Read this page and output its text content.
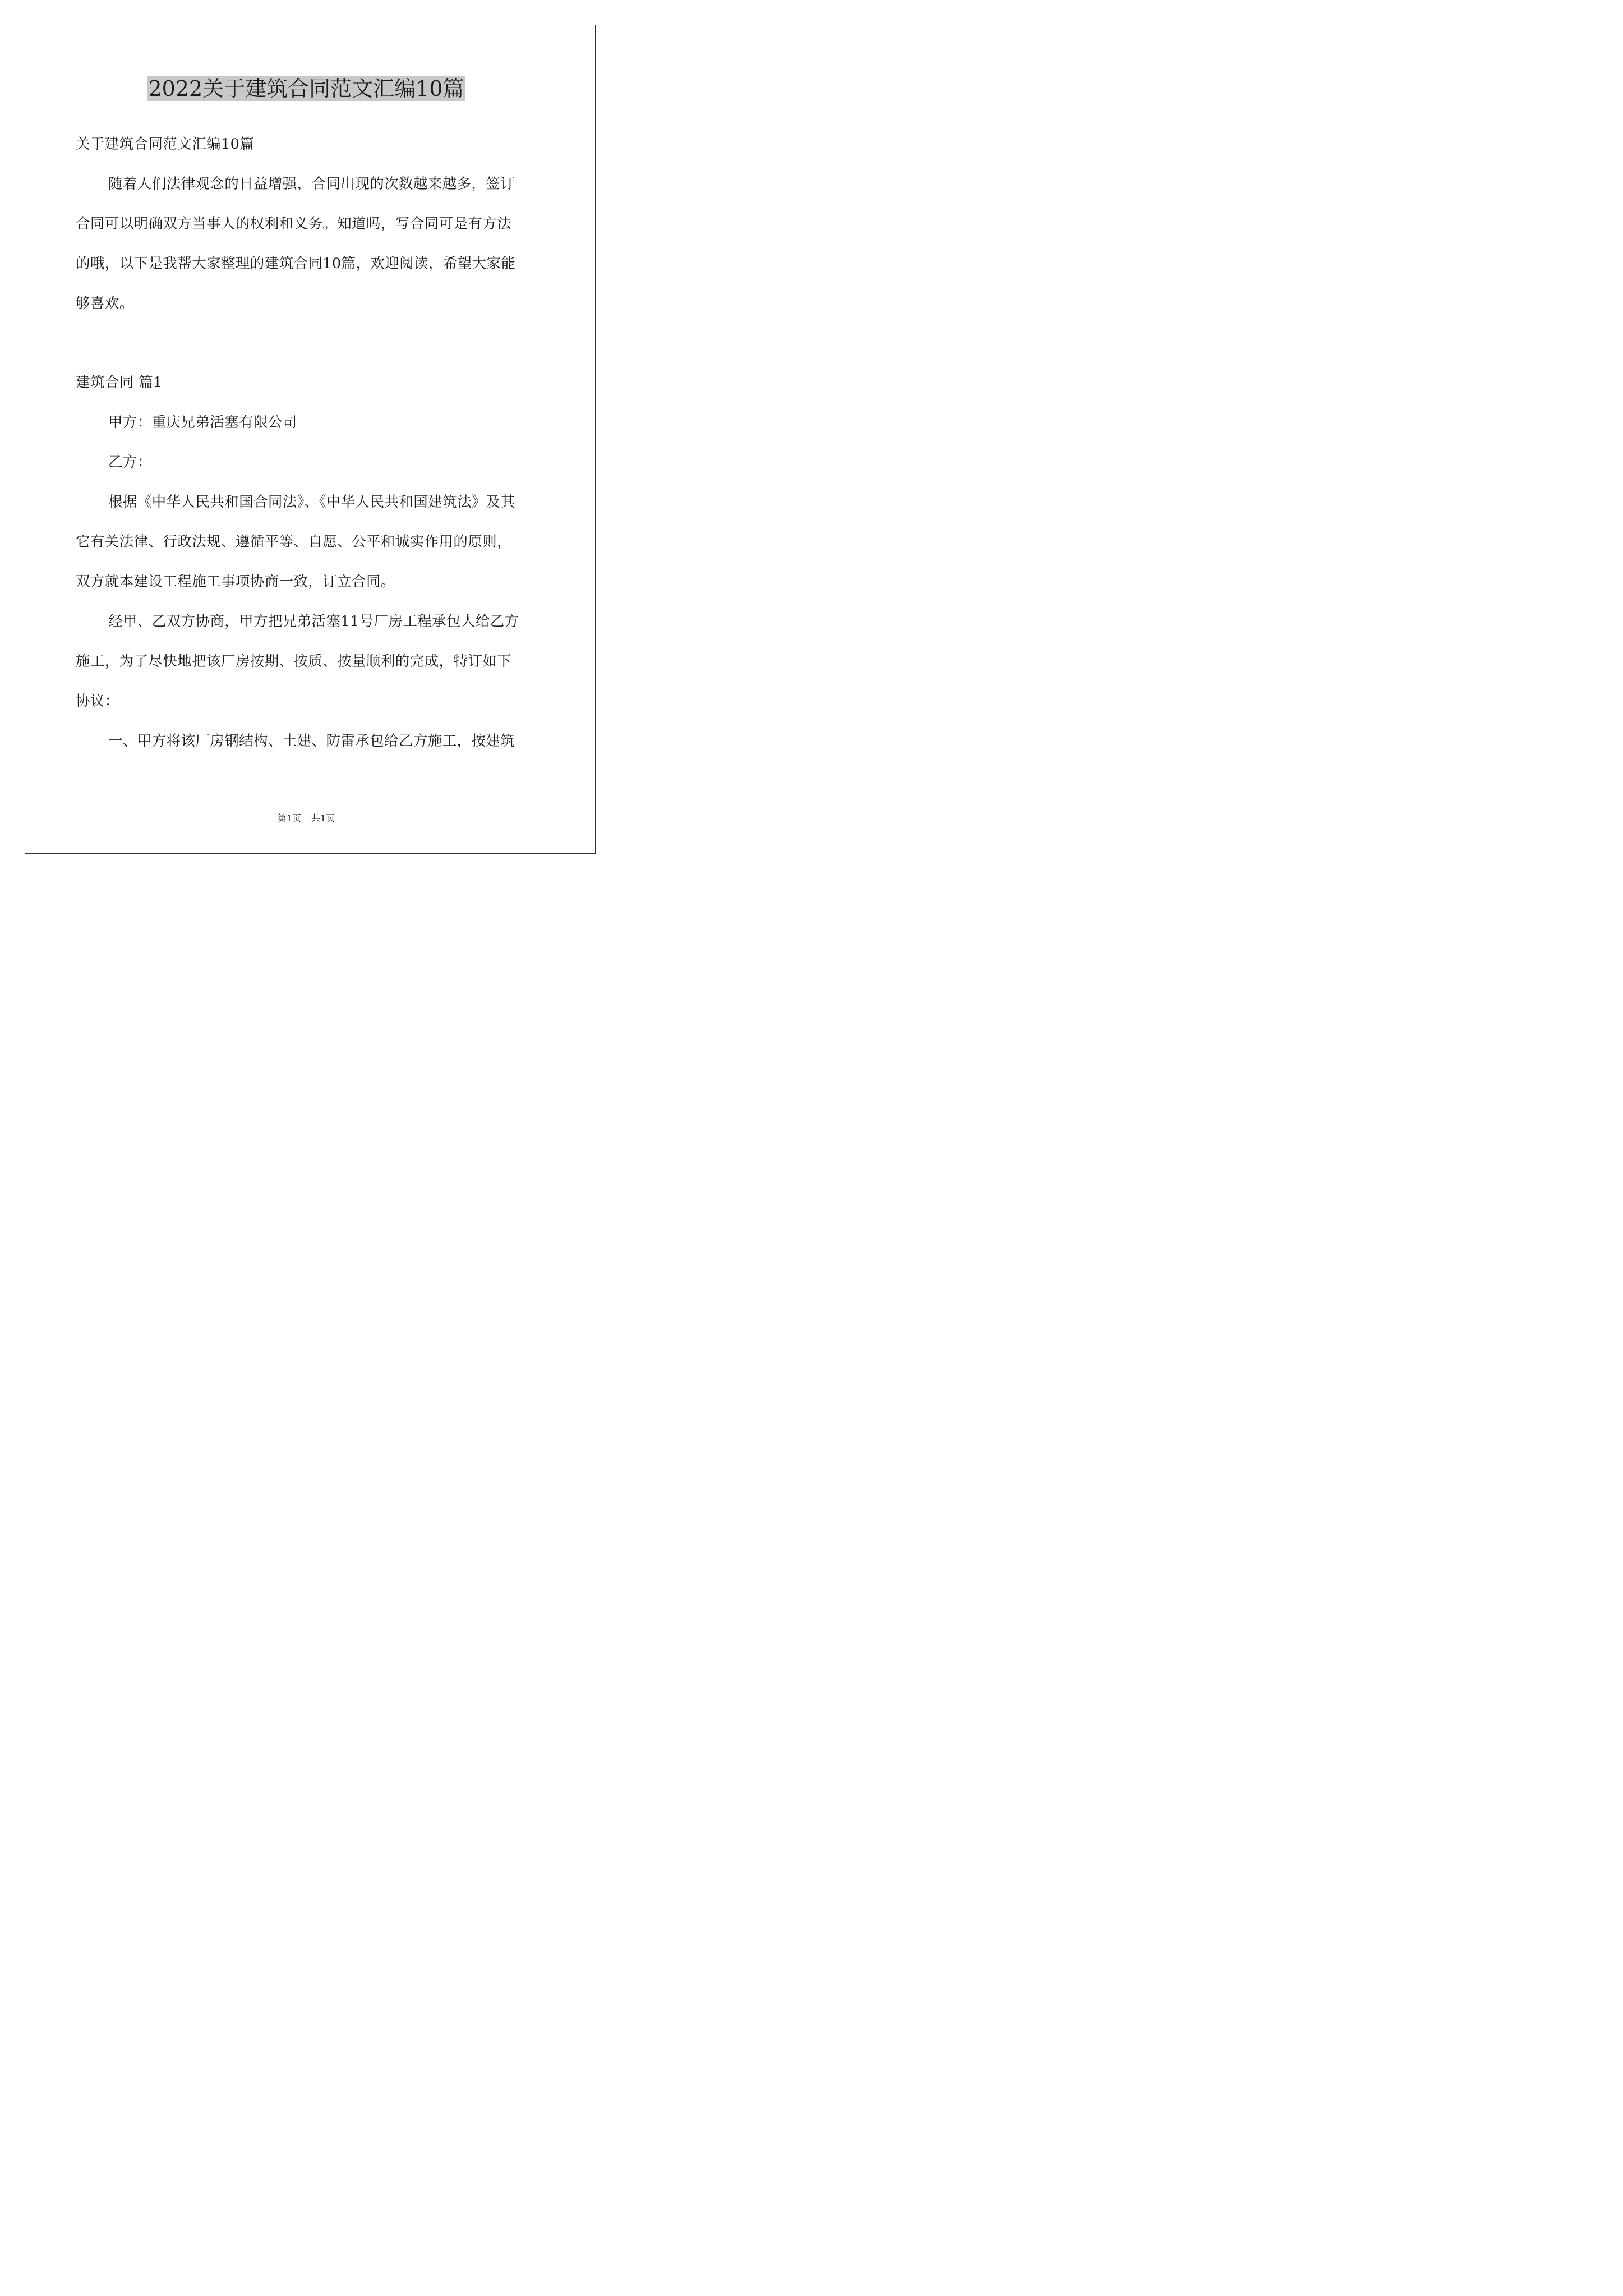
2022关于建筑合同范文汇编10篇

关于建筑合同范文汇编10篇

随着人们法律观念的日益增强，合同出现的次数越来越多，签订

合同可以明确双方当事人的权利和义务。知道吗，写合同可是有方法

的哦，以下是我帮大家整理的建筑合同10篇，欢迎阅读，希望大家能

够喜欢。

建筑合同 篇1

甲方：重庆兄弟活塞有限公司

乙方：

根据《中华人民共和国合同法》、《中华人民共和国建筑法》及其

它有关法律、行政法规、遵循平等、自愿、公平和诚实作用的原则，

双方就本建设工程施工事项协商一致，订立合同。

经甲、乙双方协商，甲方把兄弟活塞11号厂房工程承包人给乙方

施工，为了尽快地把该厂房按期、按质、按量顺利的完成，特订如下

协议：

一、甲方将该厂房钢结构、土建、防雷承包给乙方施工，按建筑

第1页 共1页
